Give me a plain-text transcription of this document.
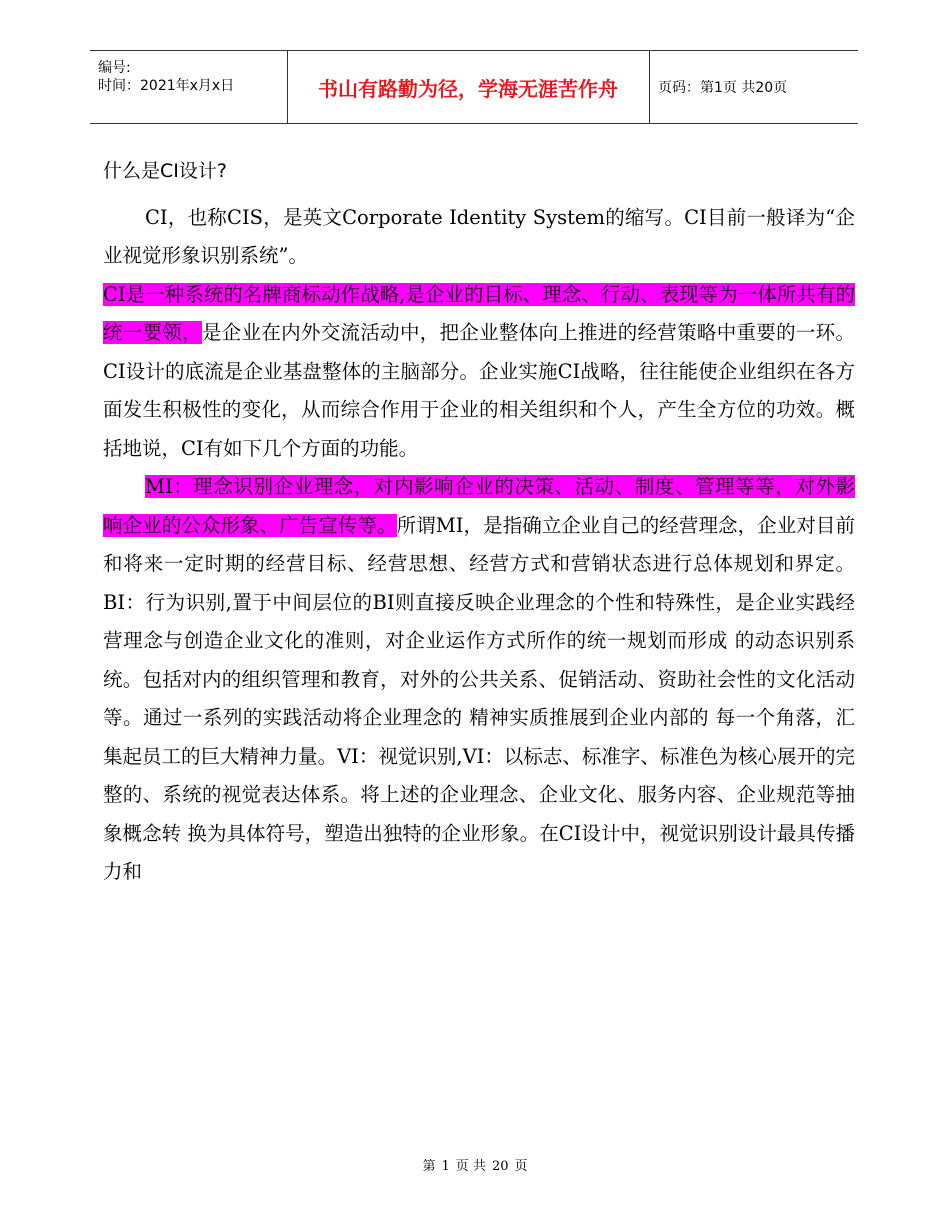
编号:
时间：2021年x月x日	书山有路勤为径，学海无涯苦作舟	页码：第1页 共20页
什么是CI设计?

CI，也称CIS，是英文Corporate Identity System的缩写。CI目前一般译为“企业视觉形象识别系统”。

CI是一种系统的名牌商标动作战略,是企业的目标、理念、行动、表现等为一体所共有的统一要领，是企业在内外交流活动中，把企业整体向上推进的经营策略中重要的一环。CI设计的底流是企业基盘整体的主脑部分。企业实施CI战略，往往能使企业组织在各方面发生积极性的变化，从而综合作用于企业的相关组织和个人，产生全方位的功效。概括地说，CI有如下几个方面的功能。

MI：理念识别企业理念，对内影响企业的决策、活动、制度、管理等等，对外影响企业的公众形象、广告宣传等。所谓MI，是指确立企业自己的经营理念，企业对目前和将来一定时期的经营目标、经营思想、经营方式和营销状态进行总体规划和界定。BI：行为识别,置于中间层位的BI则直接反映企业理念的个性和特殊性，是企业实践经营理念与创造企业文化的准则，对企业运作方式所作的统一规划而形成 的动态识别系统。包括对内的组织管理和教育，对外的公共关系、促销活动、资助社会性的文化活动等。通过一系列的实践活动将企业理念的 精神实质推展到企业内部的 每一个角落，汇集起员工的巨大精神力量。VI：视觉识别,VI：以标志、标准字、标准色为核心展开的完整的、系统的视觉表达体系。将上述的企业理念、企业文化、服务内容、企业规范等抽象概念转 换为具体符号，塑造出独特的企业形象。在CI设计中，视觉识别设计最具传播力和

第 1 页 共 20 页
